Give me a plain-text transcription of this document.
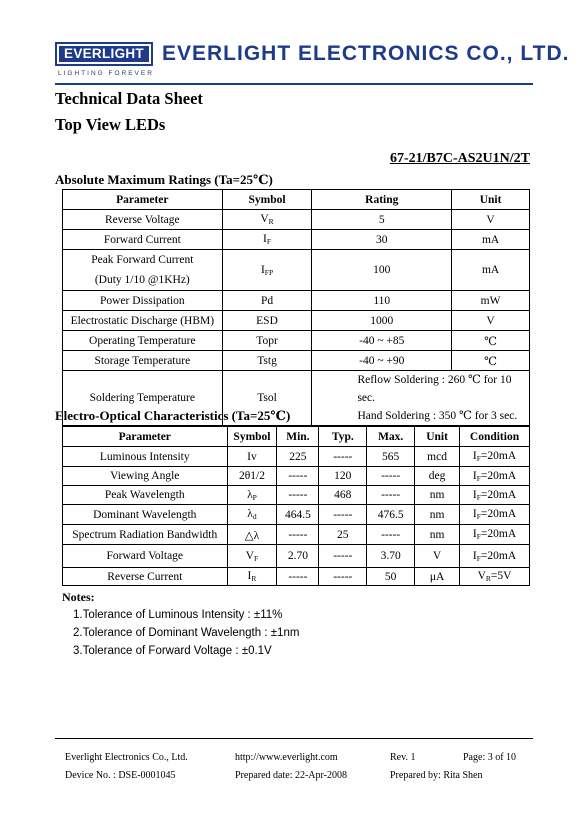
EVERLIGHT
LIGHTING FOREVER
EVERLIGHT ELECTRONICS CO., LTD.
Technical Data Sheet
Top View LEDs
67-21/B7C-AS2U1N/2T
Absolute Maximum Ratings (Ta=25℃)
Parameter	Symbol	Rating	Unit
Reverse Voltage	$V_R$	5	V
Forward Current	$I_F$	30	mA

Peak Forward Current
(Duty 1/10 @1KHz)	$I_{FP}$	100	mA
Power Dissipation	Pd	110	mW
Electrostatic Discharge (HBM)	ESD	1000	V
Operating Temperature	Topr	-40 ~ +85	℃
Storage Temperature	Tstg	-40 ~ +90	℃
Soldering Temperature	Tsol	Reflow Soldering : 260 ℃ for 10 sec.
Hand Soldering : 350 ℃ for 3 sec.	
Electro-Optical Characteristics (Ta=25℃)
Parameter	Symbol	Min.	Typ.	Max.	Unit	Condition
Luminous Intensity	Iv	225	-----	565	mcd	$I_F=20mA$
Viewing Angle	2θ1/2	-----	120	-----	deg	$I_F=20mA$
Peak Wavelength	$\lambda_P$	-----	468	-----	nm	$I_F=20mA$
Dominant Wavelength	$\lambda_d$	464.5	-----	476.5	nm	$I_F=20mA$
Spectrum Radiation Bandwidth	△λ	-----	25	-----	nm	$I_F=20mA$
Forward Voltage	$V_F$	2.70	-----	3.70	V	$I_F=20mA$
Reverse Current	$I_R$	-----	-----	50	μA	$V_R=5V$
Notes:
1.Tolerance of Luminous Intensity : ±11%
2.Tolerance of Dominant Wavelength : ±1nm
3.Tolerance of Forward Voltage : ±0.1V
Everlight Electronics Co., Ltd.	http://www.everlight.com	Rev. 1	Page: 3 of 10
Device No. : DSE-0001045	Prepared date: 22-Apr-2008	Prepared by: Rita Shen
